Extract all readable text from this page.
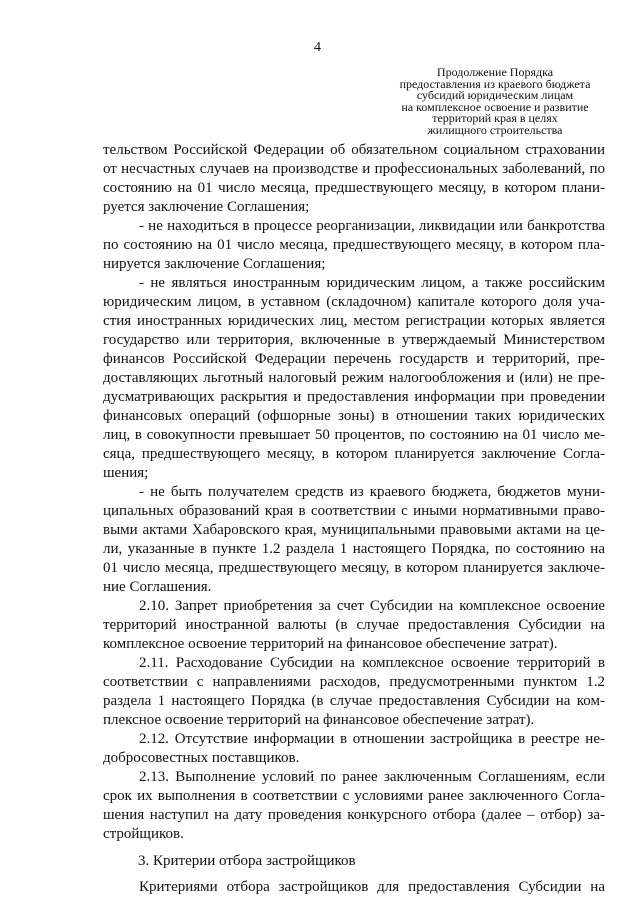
4
Продолжение Порядка
предоставления из краевого бюджета
субсидий юридическим лицам
на комплексное освоение и развитие
территорий края в целях
жилищного строительства
тельством Российской Федерации об обязательном социальном страховании
от несчастных случаев на производстве и профессиональных заболеваний, по
состоянию на 01 число месяца, предшествующего месяцу, в котором плани-
руется заключение Соглашения;
- не находиться в процессе реорганизации, ликвидации или банкротства
по состоянию на 01 число месяца, предшествующего месяцу, в котором пла-
нируется заключение Соглашения;
- не являться иностранным юридическим лицом, а также российским
юридическим лицом, в уставном (складочном) капитале которого доля уча-
стия иностранных юридических лиц, местом регистрации которых является
государство или территория, включенные в утверждаемый Министерством
финансов Российской Федерации перечень государств и территорий, пре-
доставляющих льготный налоговый режим налогообложения и (или) не пре-
дусматривающих раскрытия и предоставления информации при проведении
финансовых операций (офшорные зоны) в отношении таких юридических
лиц, в совокупности превышает 50 процентов, по состоянию на 01 число ме-
сяца, предшествующего месяцу, в котором планируется заключение Согла-
шения;
- не быть получателем средств из краевого бюджета, бюджетов муни-
ципальных образований края в соответствии с иными нормативными право-
выми актами Хабаровского края, муниципальными правовыми актами на це-
ли, указанные в пункте 1.2 раздела 1 настоящего Порядка, по состоянию на
01 число месяца, предшествующего месяцу, в котором планируется заключе-
ние Соглашения.
2.10. Запрет приобретения за счет Субсидии на комплексное освоение
территорий иностранной валюты (в случае предоставления Субсидии на
комплексное освоение территорий на финансовое обеспечение затрат).
2.11. Расходование Субсидии на комплексное освоение территорий в
соответствии с направлениями расходов, предусмотренными пунктом 1.2
раздела 1 настоящего Порядка (в случае предоставления Субсидии на ком-
плексное освоение территорий на финансовое обеспечение затрат).
2.12. Отсутствие информации в отношении застройщика в реестре не-
добросовестных поставщиков.
2.13. Выполнение условий по ранее заключенным Соглашениям, если
срок их выполнения в соответствии с условиями ранее заключенного Согла-
шения наступил на дату проведения конкурсного отбора (далее – отбор) за-
стройщиков.
3. Критерии отбора застройщиков
Критериями отбора застройщиков для предоставления Субсидии на
